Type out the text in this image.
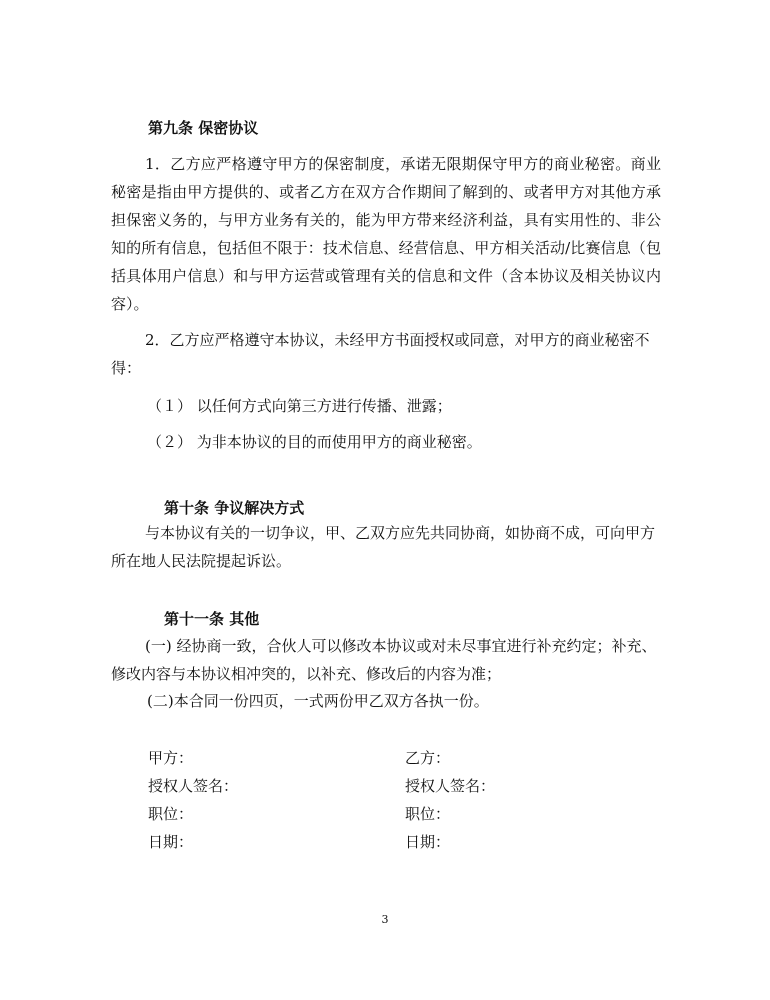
第九条 保密协议

1．乙方应严格遵守甲方的保密制度，承诺无限期保守甲方的商业秘密。商业秘密是指由甲方提供的、或者乙方在双方合作期间了解到的、或者甲方对其他方承担保密义务的，与甲方业务有关的，能为甲方带来经济利益，具有实用性的、非公知的所有信息，包括但不限于：技术信息、经营信息、甲方相关活动/比赛信息（包括具体用户信息）和与甲方运营或管理有关的信息和文件（含本协议及相关协议内容）。

2．乙方应严格遵守本协议，未经甲方书面授权或同意，对甲方的商业秘密不得：

（１） 以任何方式向第三方进行传播、泄露；

（２） 为非本协议的目的而使用甲方的商业秘密。

第十条 争议解决方式

与本协议有关的一切争议，甲、乙双方应先共同协商，如协商不成，可向甲方所在地人民法院提起诉讼。

第十一条 其他

(一) 经协商一致，合伙人可以修改本协议或对未尽事宜进行补充约定；补充、修改内容与本协议相冲突的，以补充、修改后的内容为准；

(二)本合同一份四页，一式两份甲乙双方各执一份。

甲方：	乙方：

授权人签名：	授权人签名：

职位：	职位：

日期：	日期：

3
